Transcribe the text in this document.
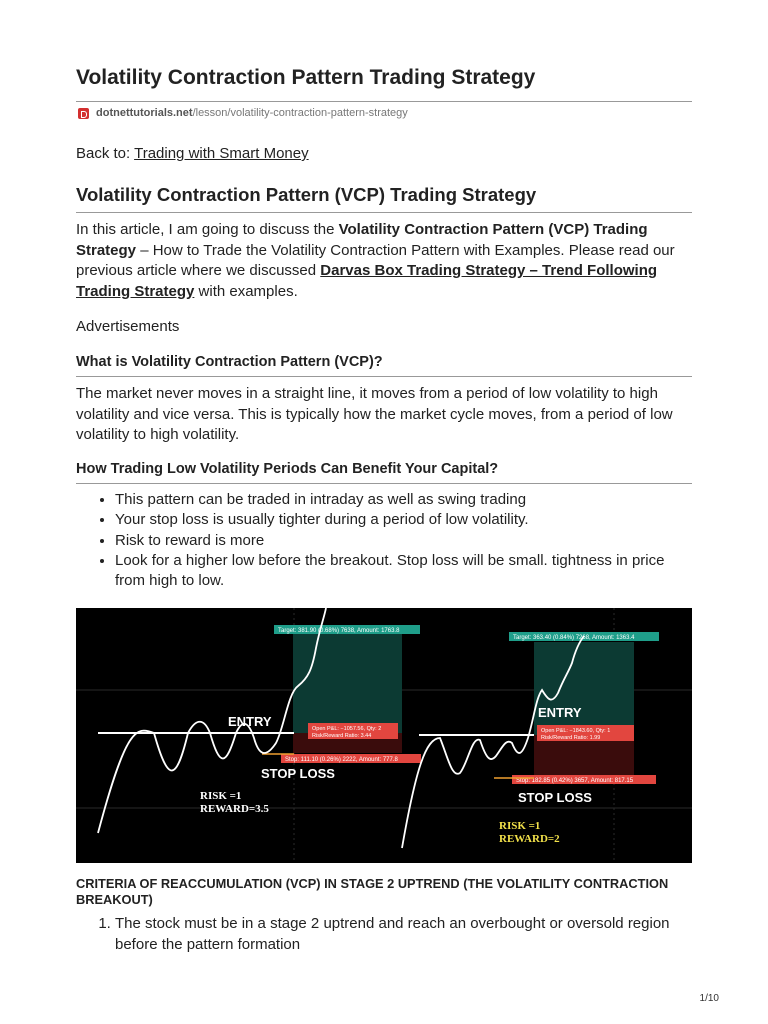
Volatility Contraction Pattern Trading Strategy
dotnettutorials.net /lesson/volatility-contraction-pattern-strategy
Back to: Trading with Smart Money
Volatility Contraction Pattern (VCP) Trading Strategy
In this article, I am going to discuss the Volatility Contraction Pattern (VCP) Trading Strategy – How to Trade the Volatility Contraction Pattern with Examples. Please read our previous article where we discussed Darvas Box Trading Strategy – Trend Following Trading Strategy with examples.
Advertisements
What is Volatility Contraction Pattern (VCP)?
The market never moves in a straight line, it moves from a period of low volatility to high volatility and vice versa. This is typically how the market cycle moves, from a period of low volatility to high volatility.
How Trading Low Volatility Periods Can Benefit Your Capital?
• This pattern can be traded in intraday as well as swing trading
• Your stop loss is usually tighter during a period of low volatility.
• Risk to reward is more
• Look for a higher low before the breakout. Stop loss will be small. tightness in price from high to low.
Target: 381.90 (0.68%) 7638, Amount: 1763.8
Open P&L: −1057.56, Qty: 2
Risk/Reward Ratio: 3.44
Stop: 111.10 (0.26%) 2222, Amount: 777.8
ENTRY
STOP LOSS
RISK =1
REWARD=3.5
Target: 363.40 (0.84%) 7268, Amount: 1363.4
Open P&L: −1843.60, Qty: 1
Risk/Reward Ratio: 1.99
Stop: 182.85 (0.42%) 3657, Amount: 817.15
ENTRY
STOP LOSS
RISK =1
REWARD=2
CRITERIA OF REACCUMULATION (VCP) IN STAGE 2 UPTREND (THE VOLATILITY CONTRACTION BREAKOUT)
1. The stock must be in a stage 2 uptrend and reach an overbought or oversold region before the pattern formation
1/10
